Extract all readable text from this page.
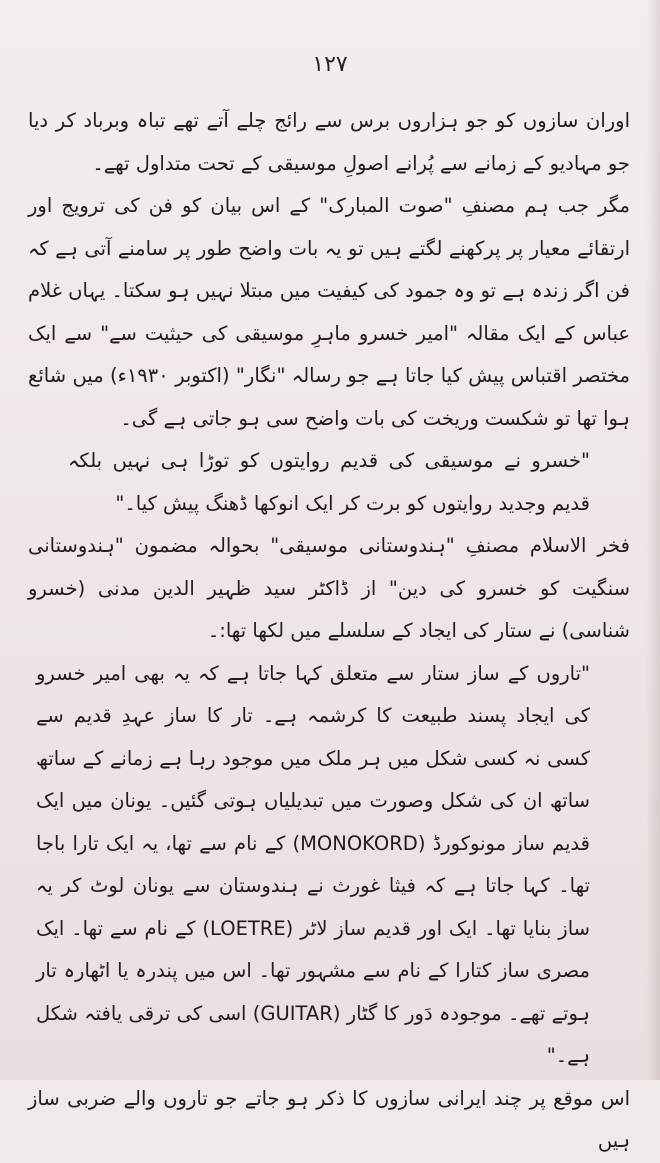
۱۲۷

اوران سازوں کو جو ہزاروں برس سے رائج چلے آتے تھے تباہ وبرباد کر دیا جو مہادیو کے زمانے سے پُرانے اصولِ موسیقی کے تحت متداول تھے۔

مگر جب ہم مصنفِ "صوت المبارک" کے اس بیان کو فن کی ترویج اور ارتقائے معیار پر پرکھنے لگتے ہیں تو یہ بات واضح طور پر سامنے آتی ہے کہ فن اگر زندہ ہے تو وہ جمود کی کیفیت میں مبتلا نہیں ہو سکتا۔ یہاں غلام عباس کے ایک مقالہ "امیر خسرو ماہرِ موسیقی کی حیثیت سے" سے ایک مختصر اقتباس پیش کیا جاتا ہے جو رسالہ "نگار" (اکتوبر ۱۹۳۰ء) میں شائع ہوا تھا تو شکست وریخت کی بات واضح سی ہو جاتی ہے گی۔

"خسرو نے موسیقی کی قدیم روایتوں کو توڑا ہی نہیں بلکہ قدیم وجدید روایتوں کو برت کر ایک انوکھا ڈھنگ پیش کیا۔"

فخر الاسلام مصنفِ "ہندوستانی موسیقی" بحوالہ مضمون "ہندوستانی سنگیت کو خسرو کی دین" از ڈاکٹر سید ظہیر الدین مدنی (خسرو شناسی) نے ستار کی ایجاد کے سلسلے میں لکھا تھا:۔

"تاروں کے ساز ستار سے متعلق کہا جاتا ہے کہ یہ بھی امیر خسرو کی ایجاد پسند طبیعت کا کرشمہ ہے۔ تار کا ساز عہدِ قدیم سے کسی نہ کسی شکل میں ہر ملک میں موجود رہا ہے زمانے کے ساتھ ساتھ ان کی شکل وصورت میں تبدیلیاں ہوتی گئیں۔ یونان میں ایک قدیم ساز مونوکورڈ (MONOKORD) کے نام سے تھا، یہ ایک تارا باجا تھا۔ کہا جاتا ہے کہ فیثا غورث نے ہندوستان سے یونان لوٹ کر یہ ساز بنایا تھا۔ ایک اور قدیم ساز لاٹر (LOETRE) کے نام سے تھا۔ ایک مصری ساز کتارا کے نام سے مشہور تھا۔ اس میں پندرہ یا اٹھارہ تار ہوتے تھے۔ موجودہ دَور کا گٹار (GUITAR) اسی کی ترقی یافتہ شکل ہے۔"

اس موقع پر چند ایرانی سازوں کا ذکر ہو جاتے جو تاروں والے ضربی ساز ہیں
